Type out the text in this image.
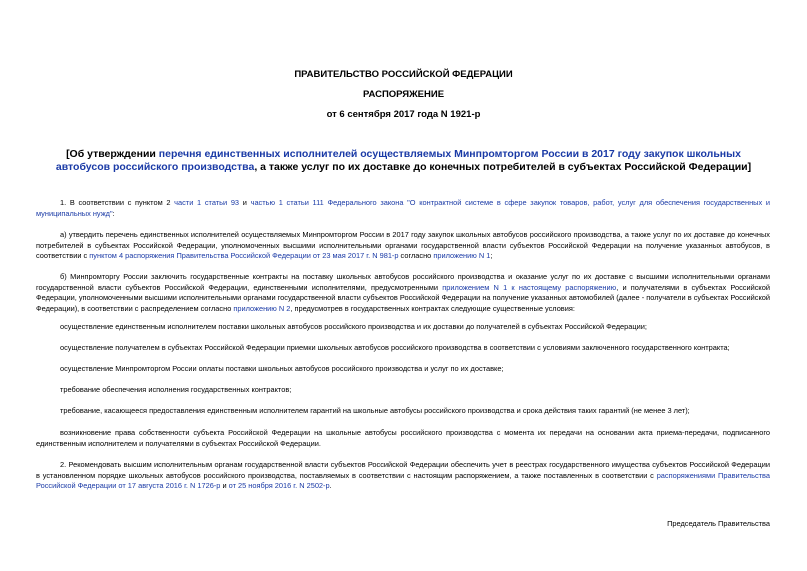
ПРАВИТЕЛЬСТВО РОССИЙСКОЙ ФЕДЕРАЦИИ
РАСПОРЯЖЕНИЕ
от 6 сентября 2017 года N 1921-р
[Об утверждении перечня единственных исполнителей осуществляемых Минпромторгом России в 2017 году закупок школьных автобусов российского производства, а также услуг по их доставке до конечных потребителей в субъектах Российской Федерации]
1. В соответствии с пунктом 2 части 1 статьи 93 и частью 1 статьи 111 Федерального закона "О контрактной системе в сфере закупок товаров, работ, услуг для обеспечения государственных и муниципальных нужд":
а) утвердить перечень единственных исполнителей осуществляемых Минпромторгом России в 2017 году закупок школьных автобусов российского производства, а также услуг по их доставке до конечных потребителей в субъектах Российской Федерации, уполномоченных высшими исполнительными органами государственной власти субъектов Российской Федерации на получение указанных автобусов, в соответствии с пунктом 4 распоряжения Правительства Российской Федерации от 23 мая 2017 г. N 981-р согласно приложению N 1;
б) Минпромторгу России заключить государственные контракты на поставку школьных автобусов российского производства и оказание услуг по их доставке с высшими исполнительными органами государственной власти субъектов Российской Федерации, единственными исполнителями, предусмотренными приложением N 1 к настоящему распоряжению, и получателями в субъектах Российской Федерации, уполномоченными высшими исполнительными органами государственной власти субъектов Российской Федерации на получение указанных автомобилей (далее - получатели в субъектах Российской Федерации), в соответствии с распределением согласно приложению N 2, предусмотрев в государственных контрактах следующие существенные условия:
осуществление единственным исполнителем поставки школьных автобусов российского производства и их доставки до получателей в субъектах Российской Федерации;
осуществление получателем в субъектах Российской Федерации приемки школьных автобусов российского производства в соответствии с условиями заключенного государственного контракта;
осуществление Минпромторгом России оплаты поставки школьных автобусов российского производства и услуг по их доставке;
требование обеспечения исполнения государственных контрактов;
требование, касающееся предоставления единственным исполнителем гарантий на школьные автобусы российского производства и срока действия таких гарантий (не менее 3 лет);
возникновение права собственности субъекта Российской Федерации на школьные автобусы российского производства с момента их передачи на основании акта приема-передачи, подписанного единственным исполнителем и получателями в субъектах Российской Федерации.
2. Рекомендовать высшим исполнительным органам государственной власти субъектов Российской Федерации обеспечить учет в реестрах государственного имущества субъектов Российской Федерации в установленном порядке школьных автобусов российского производства, поставляемых в соответствии с настоящим распоряжением, а также поставленных в соответствии с распоряжениями Правительства Российской Федерации от 17 августа 2016 г. N 1726-р и от 25 ноября 2016 г. N 2502-р.
Председатель Правительства
